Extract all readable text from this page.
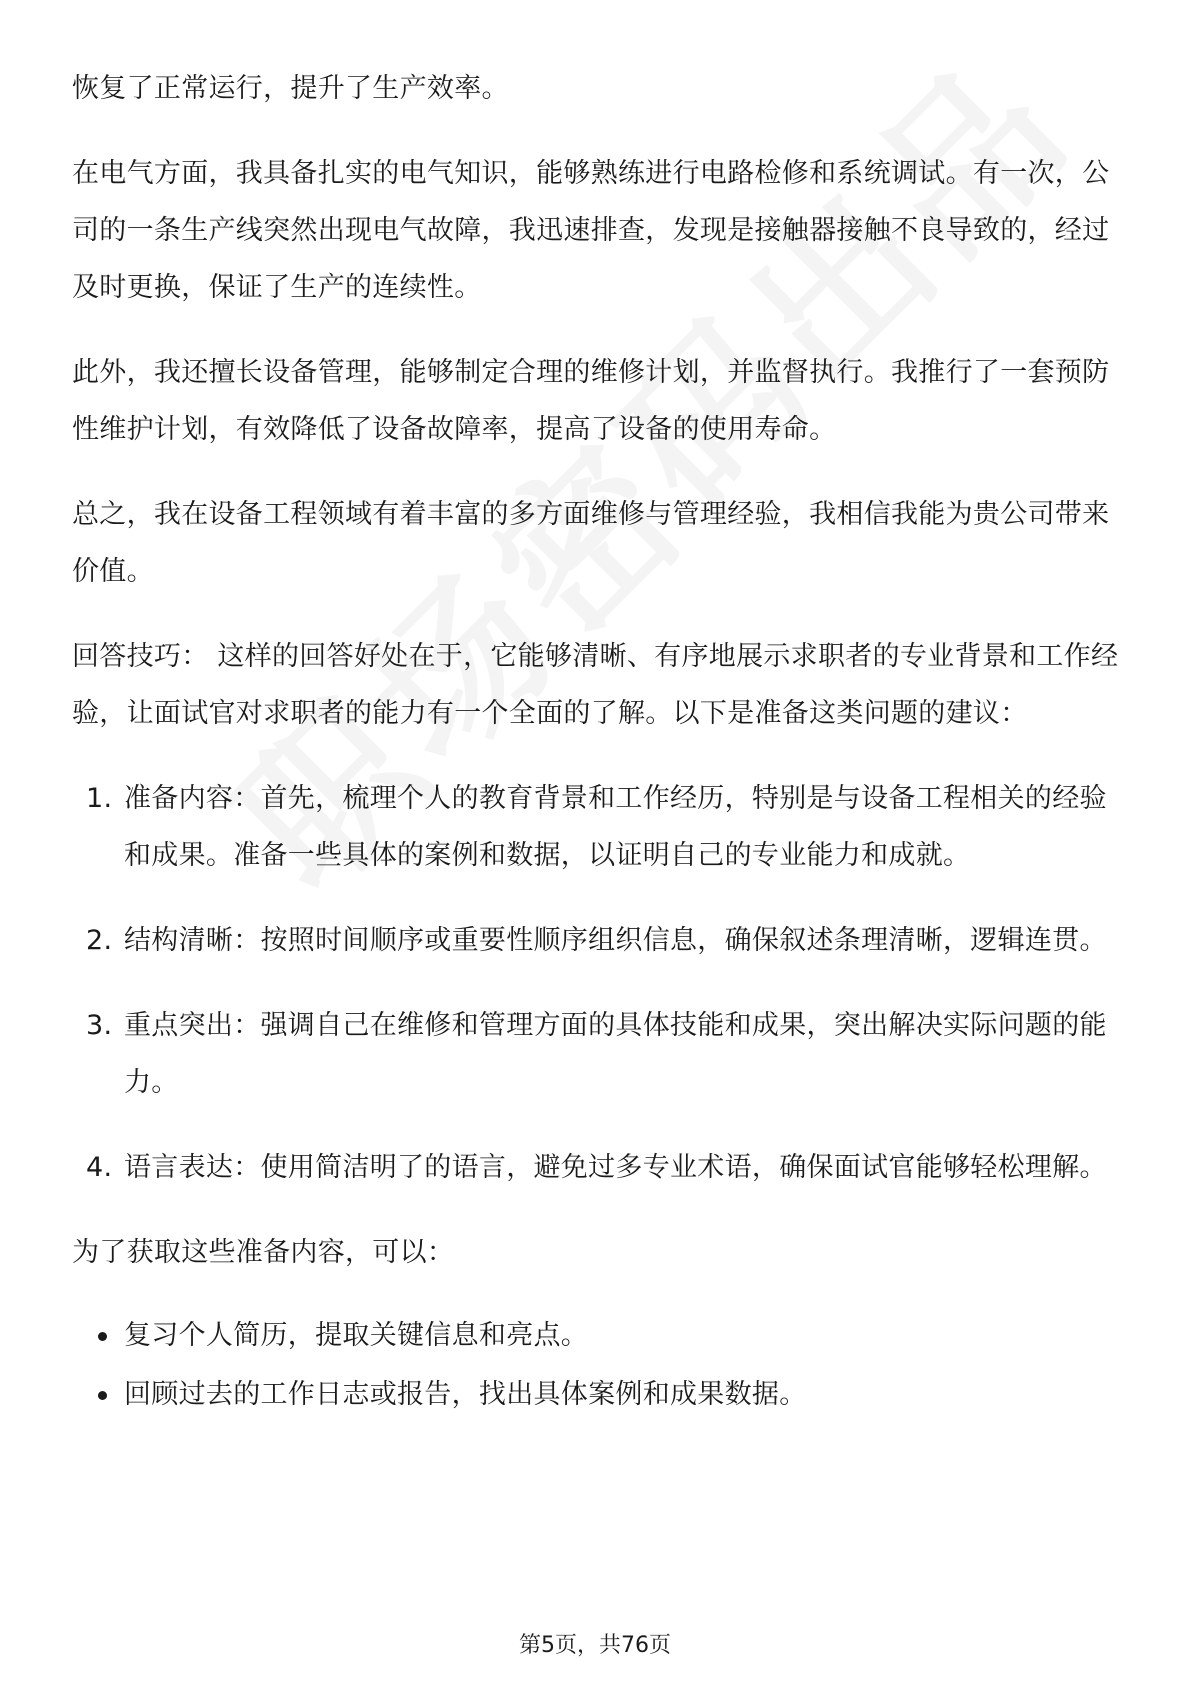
恢复了正常运行，提升了生产效率。

在电气方面，我具备扎实的电气知识，能够熟练进行电路检修和系统调试。有一次，公司的一条生产线突然出现电气故障，我迅速排查，发现是接触器接触不良导致的，经过及时更换，保证了生产的连续性。

此外，我还擅长设备管理，能够制定合理的维修计划，并监督执行。我推行了一套预防性维护计划，有效降低了设备故障率，提高了设备的使用寿命。

总之，我在设备工程领域有着丰富的多方面维修与管理经验，我相信我能为贵公司带来价值。

回答技巧： 这样的回答好处在于，它能够清晰、有序地展示求职者的专业背景和工作经验，让面试官对求职者的能力有一个全面的了解。以下是准备这类问题的建议：

1. 准备内容：首先，梳理个人的教育背景和工作经历，特别是与设备工程相关的经验和成果。准备一些具体的案例和数据，以证明自己的专业能力和成就。
2. 结构清晰：按照时间顺序或重要性顺序组织信息，确保叙述条理清晰，逻辑连贯。
3. 重点突出：强调自己在维修和管理方面的具体技能和成果，突出解决实际问题的能力。
4. 语言表达：使用简洁明了的语言，避免过多专业术语，确保面试官能够轻松理解。

为了获取这些准备内容，可以：

复习个人简历，提取关键信息和亮点。
回顾过去的工作日志或报告，找出具体案例和成果数据。
第5页，共76页
